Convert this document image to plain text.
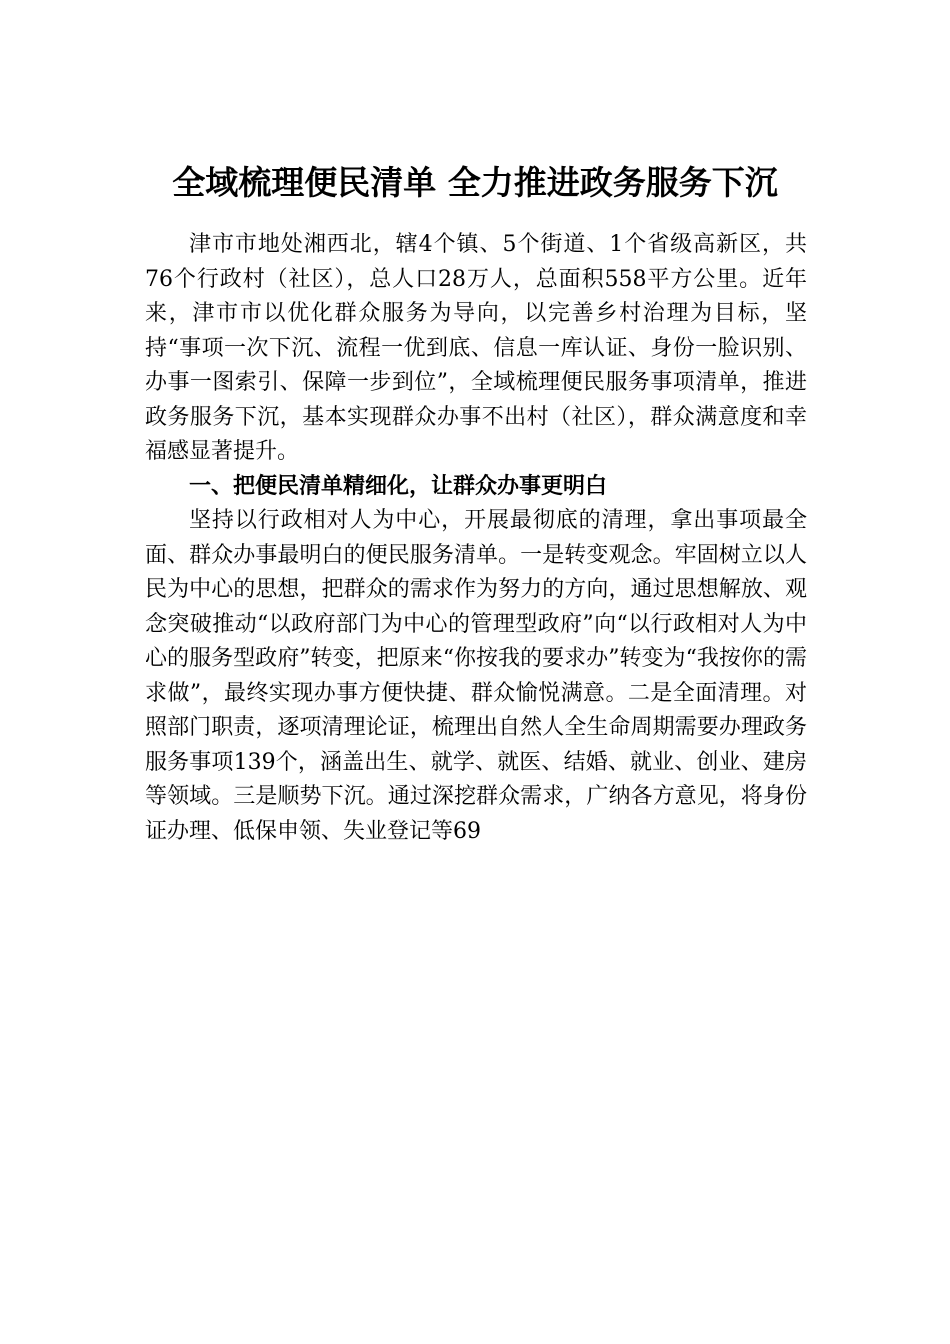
全域梳理便民清单 全力推进政务服务下沉

津市市地处湘西北，辖4个镇、5个街道、1个省级高新区，共76个行政村（社区），总人口28万人，总面积558平方公里。近年来，津市市以优化群众服务为导向，以完善乡村治理为目标，坚持“事项一次下沉、流程一优到底、信息一库认证、身份一脸识别、办事一图索引、保障一步到位”，全域梳理便民服务事项清单，推进政务服务下沉，基本实现群众办事不出村（社区），群众满意度和幸福感显著提升。

一、把便民清单精细化，让群众办事更明白

坚持以行政相对人为中心，开展最彻底的清理，拿出事项最全面、群众办事最明白的便民服务清单。一是转变观念。牢固树立以人民为中心的思想，把群众的需求作为努力的方向，通过思想解放、观念突破推动“以政府部门为中心的管理型政府”向“以行政相对人为中心的服务型政府”转变，把原来“你按我的要求办”转变为“我按你的需求做”，最终实现办事方便快捷、群众愉悦满意。二是全面清理。对照部门职责，逐项清理论证，梳理出自然人全生命周期需要办理政务服务事项139个，涵盖出生、就学、就医、结婚、就业、创业、建房等领域。三是顺势下沉。通过深挖群众需求，广纳各方意见，将身份证办理、低保申领、失业登记等69
